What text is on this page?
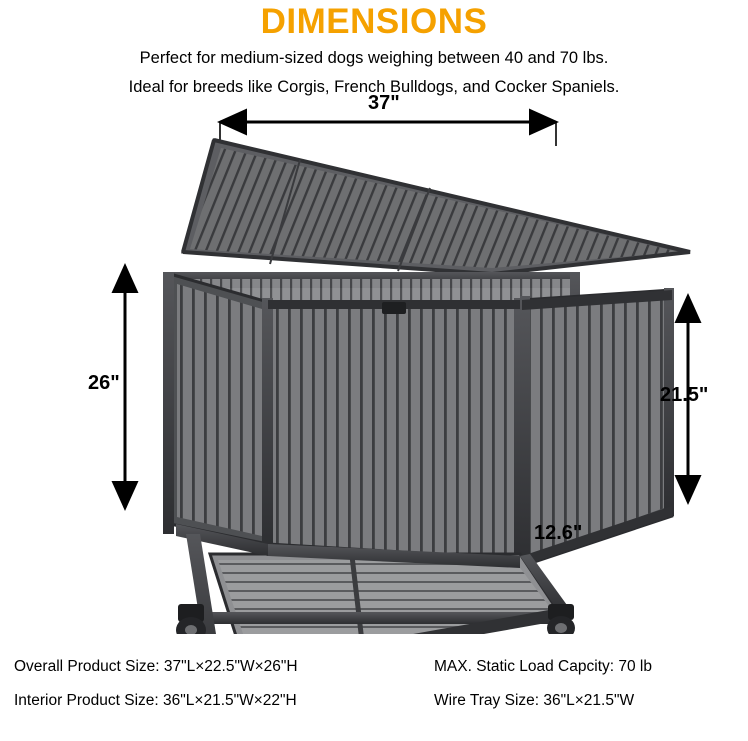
DIMENSIONS
Perfect for medium-sized dogs weighing between 40 and 70 lbs.
Ideal for breeds like Corgis, French Bulldogs, and Cocker Spaniels.
37"
26"
21.5"
12.6"
Overall Product Size: 37"L×22.5"W×26"H	MAX. Static Load Capcity: 70 lb
Interior Product Size: 36"L×21.5"W×22"H	Wire Tray Size: 36"L×21.5"W
